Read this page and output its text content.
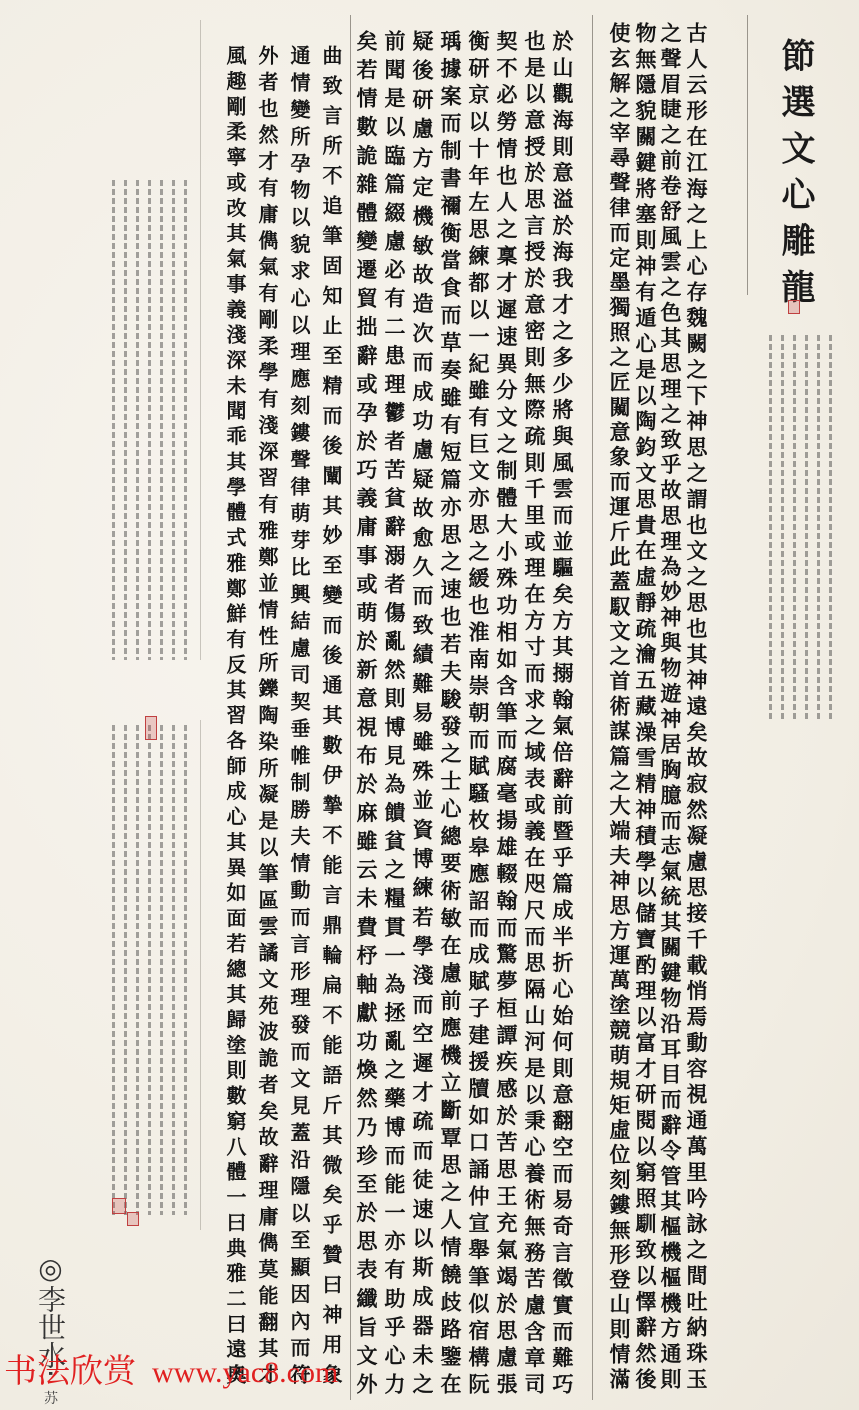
節選文心雕龍
古人云形在江海之上心存魏闕之下神思之謂也文之思也其神遠矣故寂然凝慮思接千載悄焉動容視通萬里吟詠之間吐納珠玉
之聲眉睫之前卷舒風雲之色其思理之致乎故思理為妙神與物遊神居胸臆而志氣統其關鍵物沿耳目而辭令管其樞機樞機方通則
物無隱貌關鍵將塞則神有遁心是以陶鈞文思貴在虛靜疏瀹五藏澡雪精神積學以儲寶酌理以富才研閱以窮照馴致以懌辭然後
使玄解之宰尋聲律而定墨獨照之匠闚意象而運斤此蓋馭文之首術謀篇之大端夫神思方運萬塗競萌規矩虛位刻鏤無形登山則情滿
於山觀海則意溢於海我才之多少將與風雲而並驅矣方其搦翰氣倍辭前暨乎篇成半折心始何則意翻空而易奇言徵實而難巧
也是以意授於思言授於意密則無際疏則千里或理在方寸而求之域表或義在咫尺而思隔山河是以秉心養術無務苦慮含章司
契不必勞情也人之稟才遲速異分文之制體大小殊功相如含筆而腐毫揚雄輟翰而驚夢桓譚疾感於苦思王充氣竭於思慮張
衡研京以十年左思練都以一紀雖有巨文亦思之緩也淮南崇朝而賦騷枚皋應詔而成賦子建援牘如口誦仲宣舉筆似宿構阮
瑀據案而制書禰衡當食而草奏雖有短篇亦思之速也若夫駿發之士心總要術敏在慮前應機立斷覃思之人情饒歧路鑒在
疑後研慮方定機敏故造次而成功慮疑故愈久而致績難易雖殊並資博練若學淺而空遲才疏而徒速以斯成器未之
前聞是以臨篇綴慮必有二患理鬱者苦貧辭溺者傷亂然則博見為饋貧之糧貫一為拯亂之藥博而能一亦有助乎心力
矣若情數詭雜體變遷貿拙辭或孕於巧義庸事或萌於新意視布於麻雖云未費杼軸獻功煥然乃珍至於思表纖旨文外
曲致言所不追筆固知止至精而後闡其妙至變而後通其數伊摯不能言鼎輪扁不能語斤其微矣乎贊曰神用象
通情變所孕物以貌求心以理應刻鏤聲律萌芽比興結慮司契垂帷制勝夫情動而言形理發而文見蓋沿隱以至顯因內而符
外者也然才有庸儁氣有剛柔學有淺深習有雅鄭並情性所鑠陶染所凝是以筆區雲譎文苑波詭者矣故辭理庸儁莫能翻其才
風趣剛柔寧或改其氣事義淺深未聞乖其學體式雅鄭鮮有反其習各師成心其異如面若總其歸塗則數窮八體一曰典雅二曰遠奧
◎李世水·
苏
书法欣赏 www.yac8.com
